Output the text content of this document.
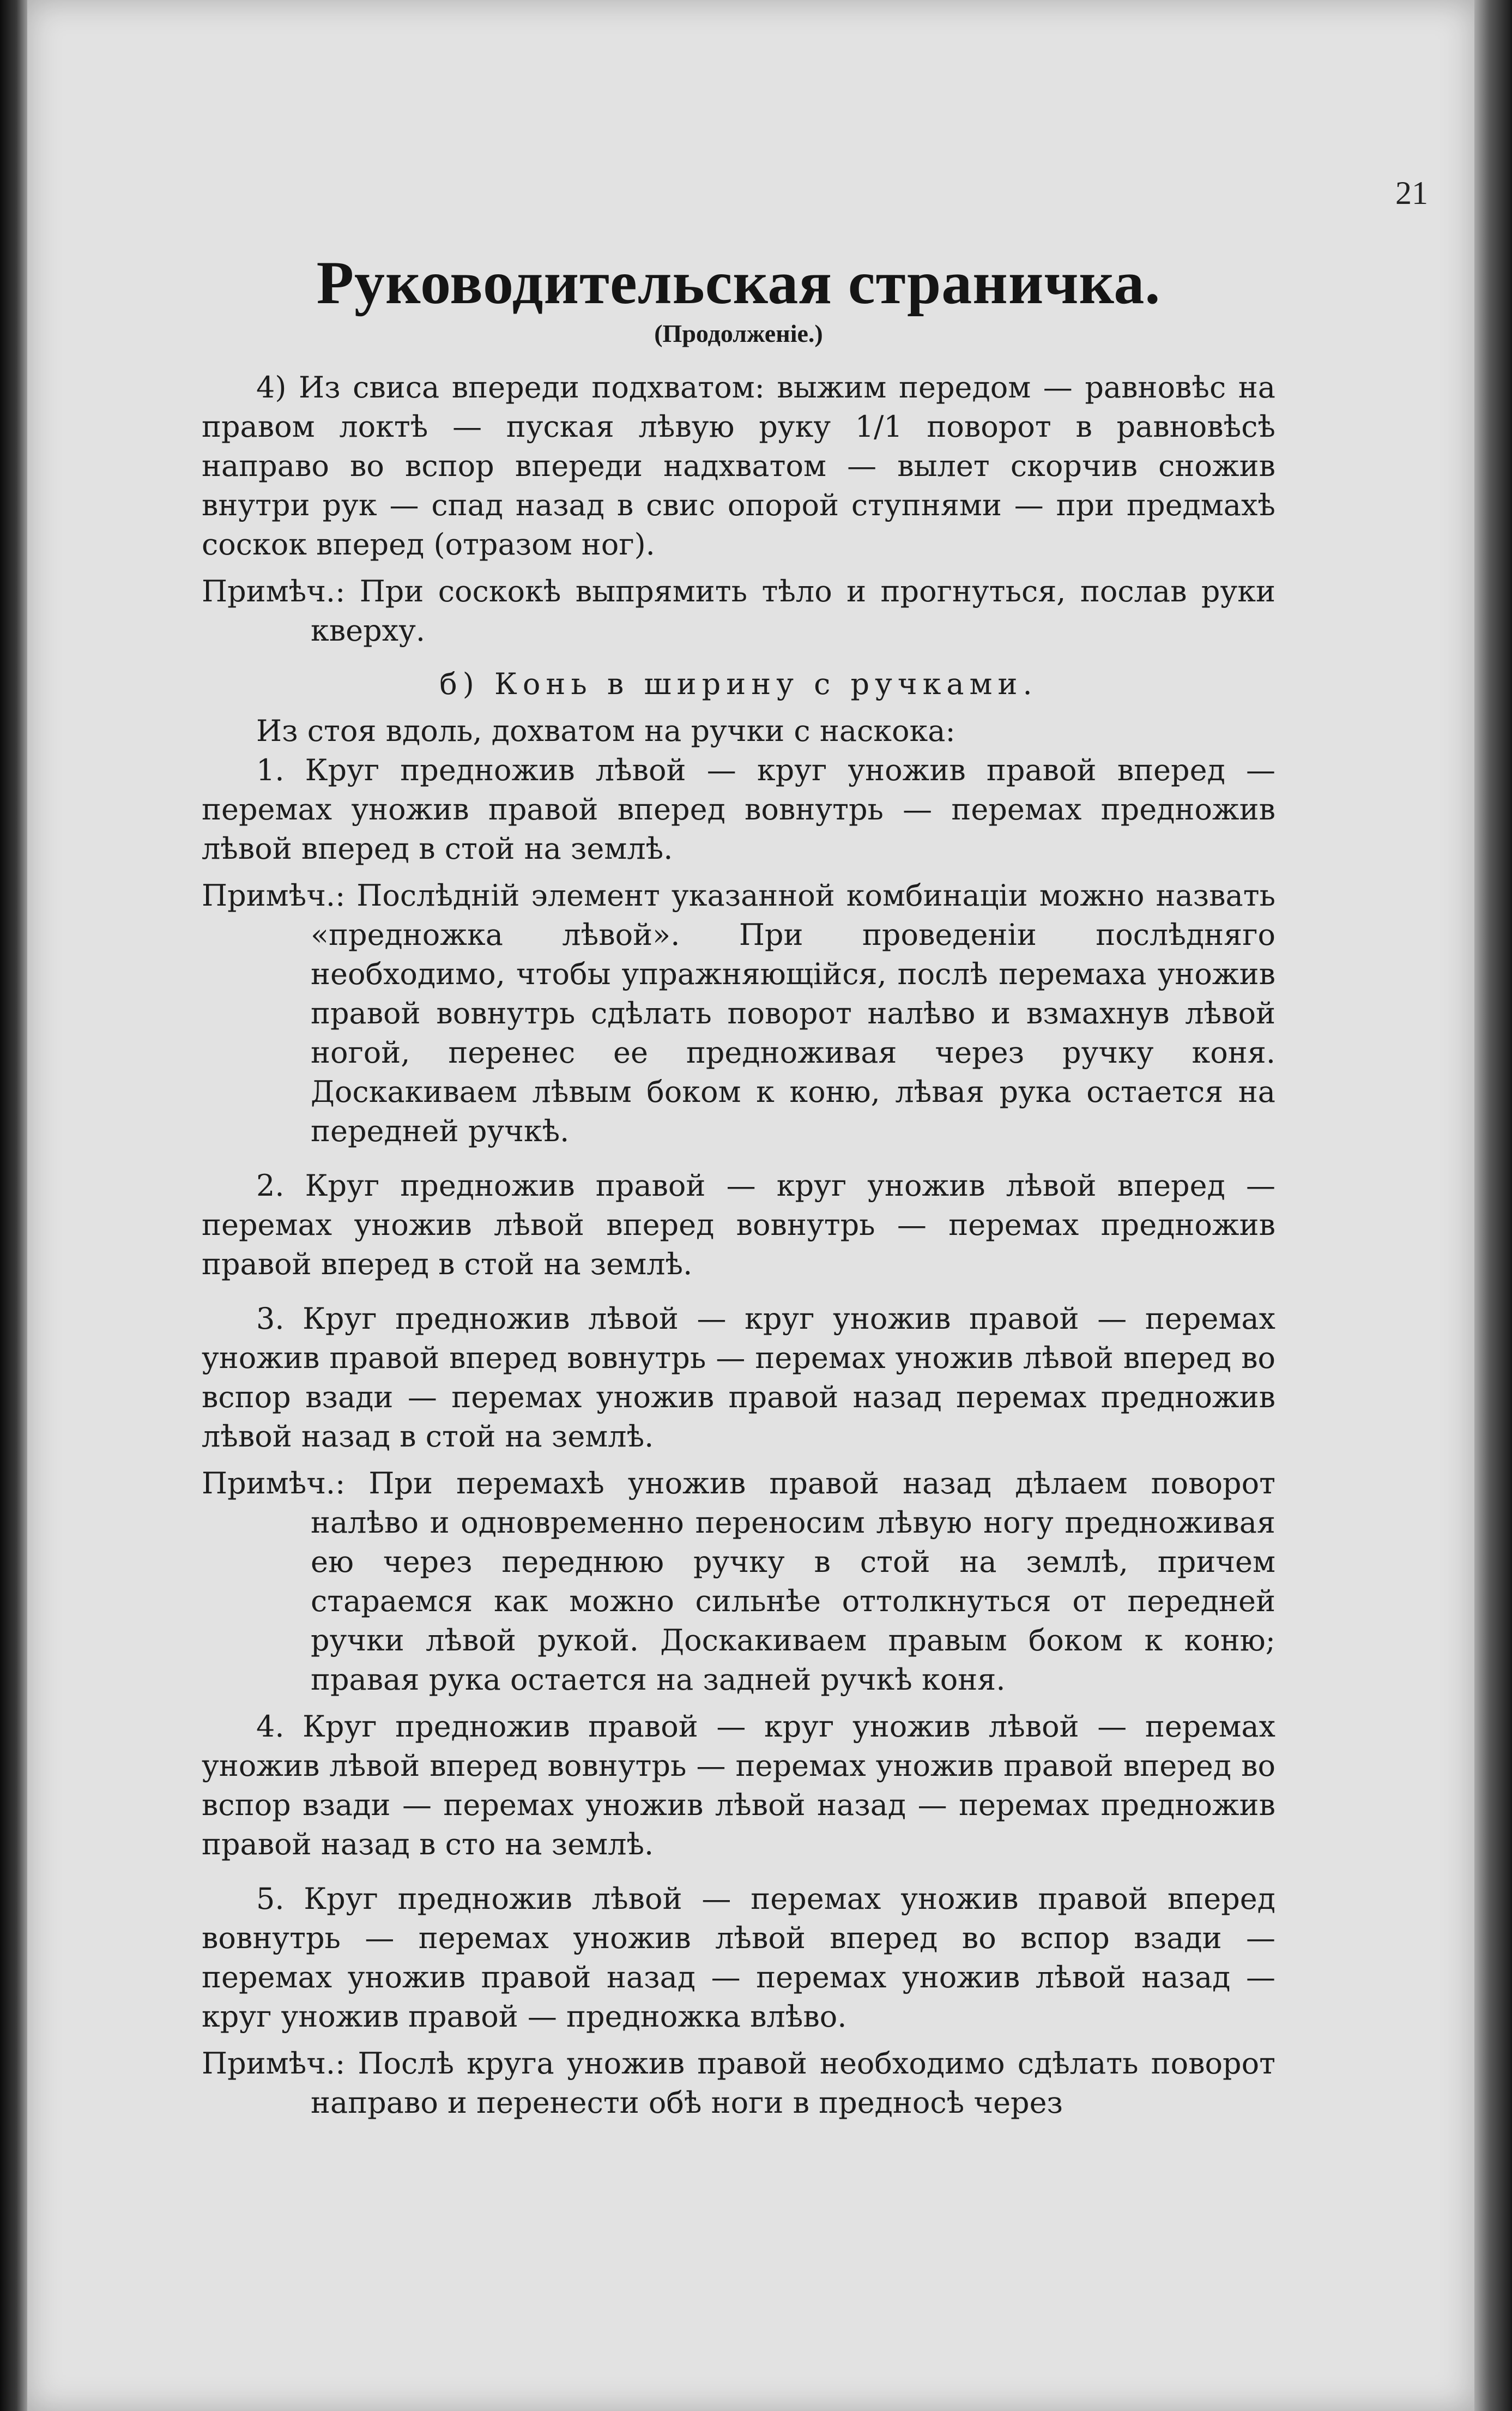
21
Руководительская страничка.
(Продолженіе.)

4) Из свиса впереди подхватом: выжим передом — равновѣс на правом локтѣ — пуская лѣвую руку 1/1 поворот в равновѣсѣ направо во вспор впереди надхватом — вылет скорчив сножив внутри рук — спад назад в свис опорой ступнями — при предмахѣ соскок вперед (отразом ног).

Примѣч.: При соскокѣ выпрямить тѣло и прогнуться, послав руки кверху.

б) Конь в ширину с ручками.

Из стоя вдоль, дохватом на ручки с наскока:

1. Круг предножив лѣвой — круг уножив правой вперед — перемах уножив правой вперед вовнутрь — перемах предножив лѣвой вперед в стой на землѣ.

Примѣч.: Послѣдній элемент указанной комбинаціи можно назвать «предножка лѣвой». При проведеніи послѣдняго необходимо, чтобы упражняющійся, послѣ перемаха уножив правой вовнутрь сдѣлать поворот налѣво и взмахнув лѣвой ногой, перенес ее предноживая через ручку коня. Доскакиваем лѣвым боком к коню, лѣвая рука остается на передней ручкѣ.

2. Круг предножив правой — круг уножив лѣвой вперед — перемах уножив лѣвой вперед вовнутрь — перемах предножив правой вперед в стой на землѣ.

3. Круг предножив лѣвой — круг уножив правой — перемах уножив правой вперед вовнутрь — перемах уножив лѣвой вперед во вспор взади — перемах уножив правой назад перемах предножив лѣвой назад в стой на землѣ.

Примѣч.: При перемахѣ уножив правой назад дѣлаем поворот налѣво и одновременно переносим лѣвую ногу предноживая ею через переднюю ручку в стой на землѣ, причем стараемся как можно сильнѣе оттолкнуться от передней ручки лѣвой рукой. Доскакиваем правым боком к коню; правая рука остается на задней ручкѣ коня.

4. Круг предножив правой — круг уножив лѣвой — перемах уножив лѣвой вперед вовнутрь — перемах уножив правой вперед во вспор взади — перемах уножив лѣвой назад — перемах предножив правой назад в сто на землѣ.

5. Круг предножив лѣвой — перемах уножив правой вперед вовнутрь — перемах уножив лѣвой вперед во вспор взади — перемах уножив правой назад — перемах уножив лѣвой назад — круг уножив правой — предножка влѣво.

Примѣч.: Послѣ круга уножив правой необходимо сдѣлать поворот направо и перенести обѣ ноги в предносѣ через
